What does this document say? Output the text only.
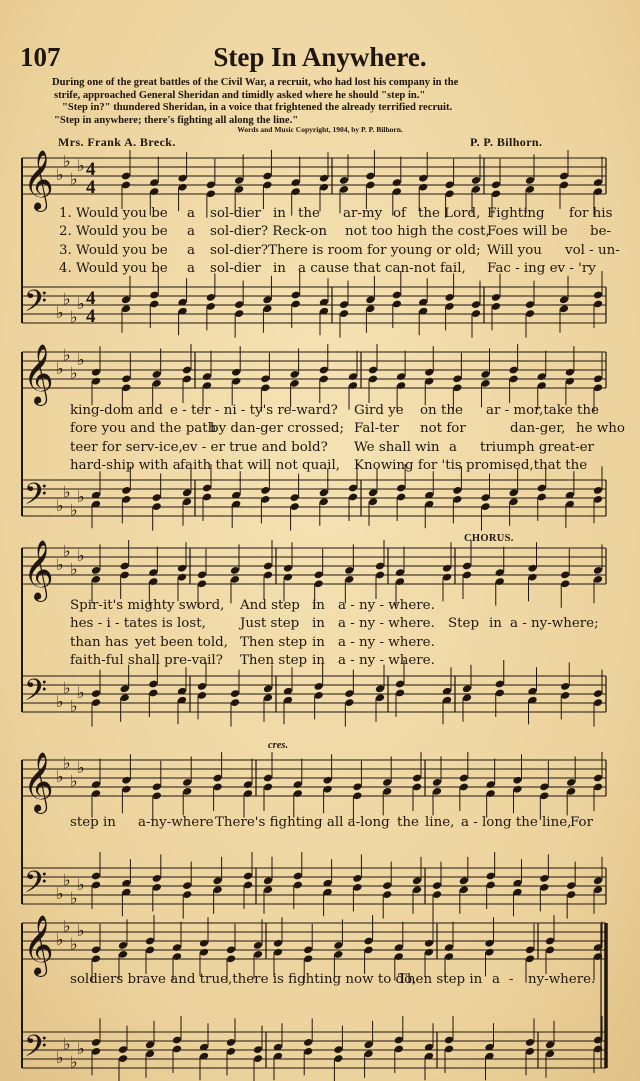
107	Step In Anywhere.

During one of the great battles of the Civil War, a recruit, who had lost his company in the

strife, approached General Sheridan and timidly asked where he should "step in."

"Step in?" thundered Sheridan, in a voice that frightened the already terrified recruit.

"Step in anywhere; there's fighting all along the line."

Words and Music Copyright, 1904, by P. P. Bilhorn.
Mrs. Frank A. Breck.	P. P. Bilhorn.
𝄞 ♭
♭
♭
♭ 4
4
𝄢 ♭
♭
♭
♭ 4
4
𝄞 ♭
♭
♭
♭
𝄢 ♭
♭
♭
♭
𝄞 ♭
♭
♭
♭
𝄢 ♭
♭
♭
♭
𝄞 ♭
♭
♭
♭
𝄢 ♭
♭
♭
♭
𝄞 ♭
♭
♭
♭
𝄢 ♭
♭
♭
♭
CHORUS.
cres.
1. Would you be a sol-dier in the ar-my of the Lord, Fighting for his
2. Would you be a sol-dier? Reck-on not too high the cost,
Foes will be be-
3. Would you be a sol-dier?There is room for young or old; Will you vol - un-
4. Would you be a sol-dier in a cause that can-not fail, Fac - ing ev - 'ry
king-dom and e - ter - ni - ty's re-ward? Gird ye on the ar - mor,take the
fore you and the path
by dan-ger crossed; Fal-ter not for	dan-ger, he who
teer for serv-ice, ev - er true and bold? We shall win a triumph great-er
hard-ship with a faith that will not quail, Knowing for 'tis promised,that the
Spir-it's mighty sword, And step in a - ny - where.
hes - i - tates is lost,	Just step in a - ny - where. Step in a - ny-where;
than has yet been told, Then step in a - ny - where.
faith-ful shall pre-vail? Then step in a - ny - where.
step in a-ny-where There's fighting all a-long the line, a - long the line,
For
soldiers brave and true,there is fighting now to do,
Then step in a - ny-where.
